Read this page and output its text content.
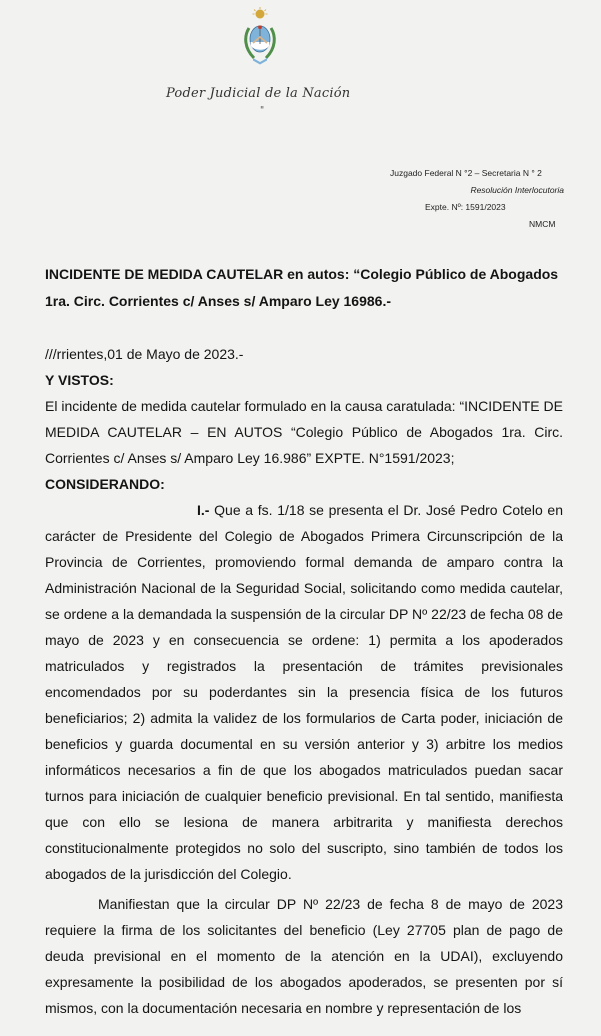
Poder Judicial de la Nación
"
Juzgado Federal N °2 – Secretaria N ° 2
Resolución Interlocutoria
Expte. Nº: 1591/2023
NMCM
INCIDENTE DE MEDIDA CAUTELAR en autos: “Colegio Público de Abogados 1ra. Circ. Corrientes c/ Anses s/ Amparo Ley 16986.-

///rrientes,01 de Mayo de 2023.-

Y VISTOS:

El incidente de medida cautelar formulado en la causa caratulada: “INCIDENTE DE MEDIDA CAUTELAR – EN AUTOS “Colegio Público de Abogados 1ra. Circ. Corrientes c/ Anses s/ Amparo Ley 16.986” EXPTE. N°1591/2023;

CONSIDERANDO:

I.- Que a fs. 1/18 se presenta el Dr. José Pedro Cotelo en carácter de Presidente del Colegio de Abogados Primera Circunscripción de la Provincia de Corrientes, promoviendo formal demanda de amparo contra la Administración Nacional de la Seguridad Social, solicitando como medida cautelar, se ordene a la demandada la suspensión de la circular DP Nº 22/23 de fecha 08 de mayo de 2023 y en consecuencia se ordene: 1) permita a los apoderados matriculados y registrados la presentación de trámites previsionales encomendados por su poderdantes sin la presencia física de los futuros beneficiarios; 2) admita la validez de los formularios de Carta poder, iniciación de beneficios y guarda documental en su versión anterior y 3) arbitre los medios informáticos necesarios a fin de que los abogados matriculados puedan sacar turnos para iniciación de cualquier beneficio previsional. En tal sentido, manifiesta que con ello se lesiona de manera arbitrarita y manifiesta derechos constitucionalmente protegidos no solo del suscripto, sino también de todos los abogados de la jurisdicción del Colegio.

Manifiestan que la circular DP Nº 22/23 de fecha 8 de mayo de 2023 requiere la firma de los solicitantes del beneficio (Ley 27705 plan de pago de deuda previsional en el momento de la atención en la UDAI), excluyendo expresamente la posibilidad de los abogados apoderados, se presenten por sí mismos, con la documentación necesaria en nombre y representación de los
